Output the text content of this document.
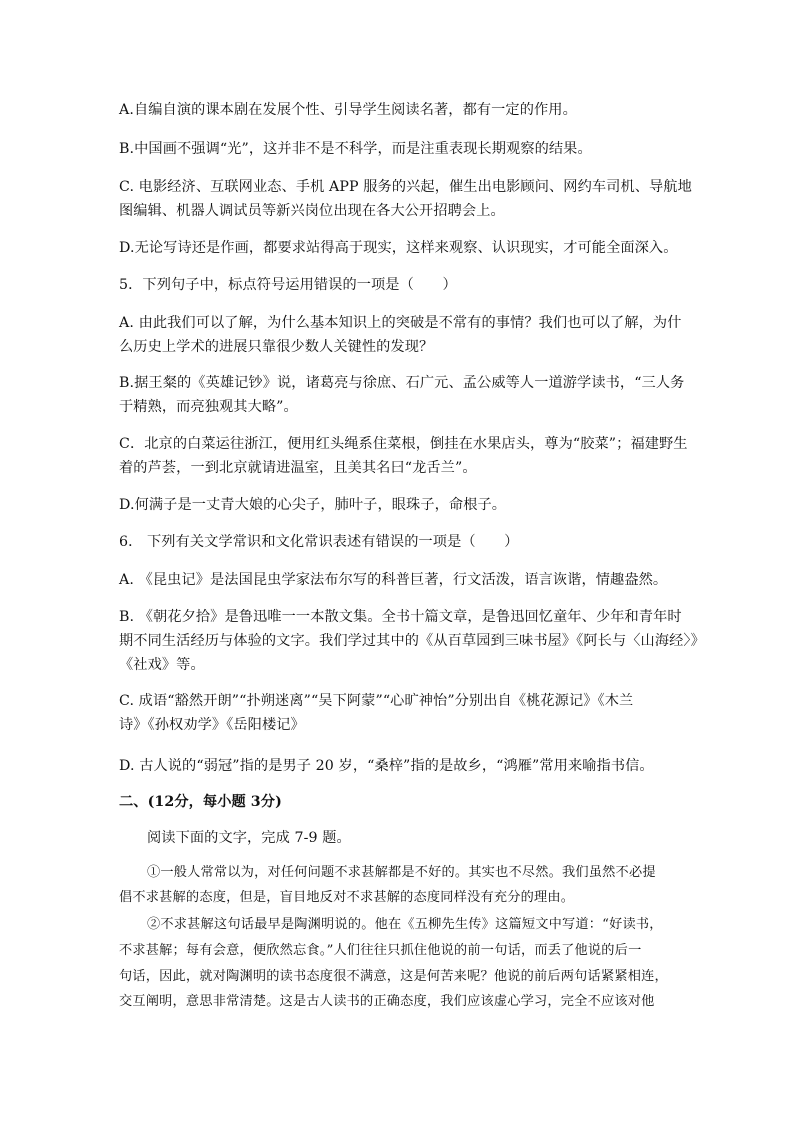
A.自编自演的课本剧在发展个性、引导学生阅读名著，都有一定的作用。
B.中国画不强调“光”，这并非不是不科学，而是注重表现长期观察的结果。
C. 电影经济、互联网业态、手机 APP 服务的兴起，催生出电影顾问、网约车司机、导航地
图编辑、机器人调试员等新兴岗位出现在各大公开招聘会上。
D.无论写诗还是作画，都要求站得高于现实，这样来观察、认识现实，才可能全面深入。
5．下列句子中，标点符号运用错误的一项是（　　）
A. 由此我们可以了解，为什么基本知识上的突破是不常有的事情？我们也可以了解，为什
么历史上学术的进展只靠很少数人关键性的发现？
B.据王粲的《英雄记钞》说，诸葛亮与徐庶、石广元、孟公威等人一道游学读书，“三人务
于精熟，而亮独观其大略”。
C．北京的白菜运往浙江，便用红头绳系住菜根，倒挂在水果店头，尊为“胶菜”；福建野生
着的芦荟，一到北京就请进温室，且美其名曰“龙舌兰”。
D.何满子是一丈青大娘的心尖子，肺叶子，眼珠子，命根子。
6． 下列有关文学常识和文化常识表述有错误的一项是（　　）
A. 《昆虫记》是法国昆虫学家法布尔写的科普巨著，行文活泼，语言诙谐，情趣盎然。
B. 《朝花夕拾》是鲁迅唯一一本散文集。全书十篇文章，是鲁迅回忆童年、少年和青年时
期不同生活经历与体验的文字。我们学过其中的《从百草园到三味书屋》《阿长与〈山海经〉》
《社戏》等。
C. 成语“豁然开朗”“扑朔迷离”“吴下阿蒙”“心旷神怡”分别出自《桃花源记》《木兰
诗》《孙权劝学》《岳阳楼记》
D. 古人说的“弱冠”指的是男子 20 岁，“桑梓”指的是故乡，“鸿雁”常用来喻指书信。
二、(12分，每小题 3分)
阅读下面的文字，完成 7-9 题。
①一般人常常以为，对任何问题不求甚解都是不好的。其实也不尽然。我们虽然不必提
倡不求甚解的态度，但是，盲目地反对不求甚解的态度同样没有充分的理由。
②不求甚解这句话最早是陶渊明说的。他在《五柳先生传》这篇短文中写道：“好读书，
不求甚解；每有会意，便欣然忘食。”人们往往只抓住他说的前一句话，而丢了他说的后一
句话，因此，就对陶渊明的读书态度很不满意，这是何苦来呢？他说的前后两句话紧紧相连，
交互阐明，意思非常清楚。这是古人读书的正确态度，我们应该虚心学习，完全不应该对他
